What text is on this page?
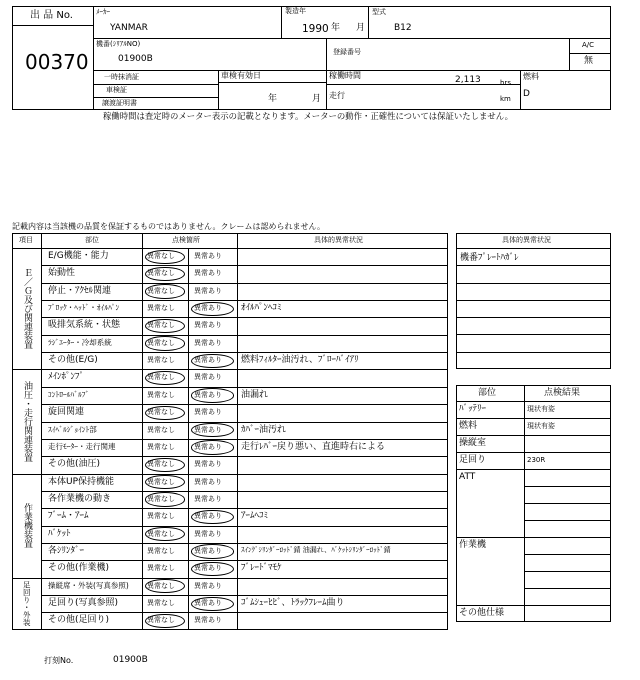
出 品 No.
00370
ﾒｰｶｰ
YANMAR
製造年
1990 年 月
型式
B12
機番(ｼﾘｱﾙNO)
01900B
登録番号
A/C
無
一時抹消証
車検証
譲渡証明書
車検有効日
年	月
稼働時間	2,113	hrs
走行	km
燃料
D
稼働時間は査定時のメーター表示の記載となります。メーターの動作・正確性については保証いたしません。
記載内容は当該機の品質を保証するものではありません。クレームは認められません。
項目	部位	点検箇所	具体的異常状況
Ｅ／Ｇ及び関連装置
E/G機能・能力	異常なし	異常あり
始動性	異常なし	異常あり
停止・ｱｸｾﾙ関連	異常なし	異常あり
ﾌﾞﾛｯｸ・ﾍｯﾄﾞ・ｵｲﾙﾊﾟﾝ	異常なし	異常あり ｵｲﾙﾊﾟﾝﾍｺﾐ
吸排気系統・状態	異常なし	異常あり
ﾗｼﾞｴｰﾀｰ・冷却系統	異常なし	異常あり
その他(E/G)	異常なし	異常あり 燃料ﾌｨﾙﾀｰ油汚れ、ﾌﾞﾛｰﾊﾞｲｱﾘ
油圧・走行関連装置
ﾒｲﾝﾎﾟﾝﾌﾟ	異常なし	異常あり
ｺﾝﾄﾛｰﾙﾊﾞﾙﾌﾞ	異常なし	異常あり 油漏れ
旋回関連	異常なし	異常あり
ｽｲﾍﾞﾙｼﾞｮｲﾝﾄ部	異常なし	異常あり ｶﾊﾞｰ油汚れ
走行ﾓｰﾀｰ・走行関連	異常なし	異常あり 走行ﾚﾊﾞｰ戻り悪い、直進時右による
その他(油圧)	異常なし	異常あり
作業機装置
本体UP保持機能	異常なし	異常あり
各作業機の動き	異常なし	異常あり
ﾌﾞｰﾑ・ｱｰﾑ	異常なし	異常あり ｱｰﾑﾍｺﾐ
ﾊﾞｹｯﾄ	異常なし	異常あり
各ｼﾘﾝﾀﾞｰ	異常なし	異常あり	ｽｲﾝｸﾞｼﾘﾝﾀﾞｰﾛｯﾄﾞ錆 油漏れ、ﾊﾞｹｯﾄｼﾘﾝﾀﾞｰﾛｯﾄﾞ錆
その他(作業機)	異常なし	異常あり ﾌﾞﾚｰﾄﾞﾏﾓｹ
足回り・外装 操縦席・外装(写真参照)	異常なし	異常あり
足回り(写真参照)	異常なし	異常あり ｺﾞﾑｼｭｰﾋﾋﾞ、ﾄﾗｯｸﾌﾚｰﾑ曲り
その他(足回り)	異常なし	異常あり
具体的異常状況
機番ﾌﾟﾚｰﾄﾊｶﾞﾚ
部位	点検結果
ﾊﾞｯﾃﾘｰ	現状有姿
燃料	現状有姿
操縦室
足回り	230R
ATT
作業機
その他仕様
打刻No.	01900B
